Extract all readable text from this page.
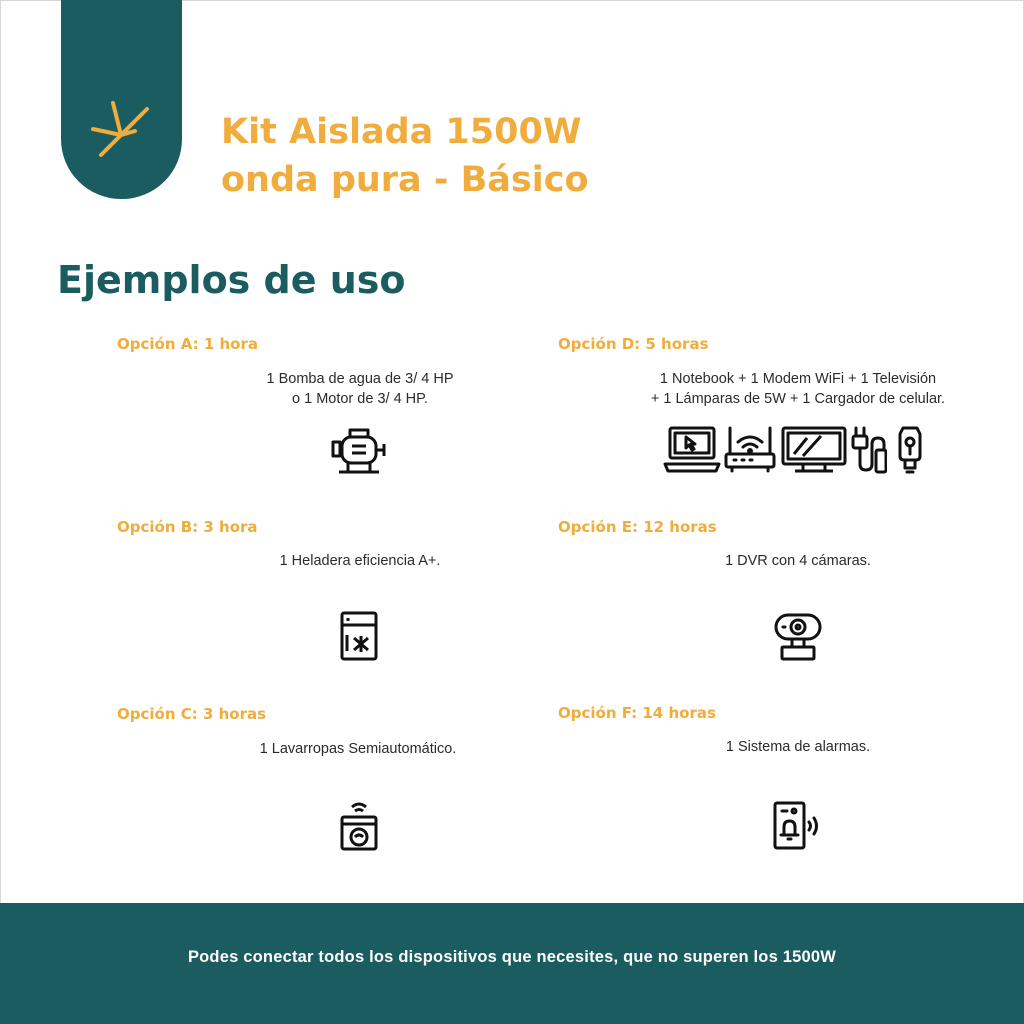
Kit Aislada 1500W
onda pura - Básico
Ejemplos de uso

Opción A: 1 hora

1 Bomba de agua de 3/ 4 HP
o 1 Motor de 3/ 4 HP.

Opción B: 3 hora

1 Heladera eficiencia A+.

Opción C: 3 horas

1 Lavarropas Semiautomático.

Opción D: 5 horas

1 Notebook + 1 Modem WiFi + 1 Televisión
+ 1 Lámparas de 5W + 1 Cargador de celular.

Opción E: 12 horas

1 DVR con 4 cámaras.

Opción F: 14 horas

1 Sistema de alarmas.

Podes conectar todos los dispositivos que necesites, que no superen los 1500W
